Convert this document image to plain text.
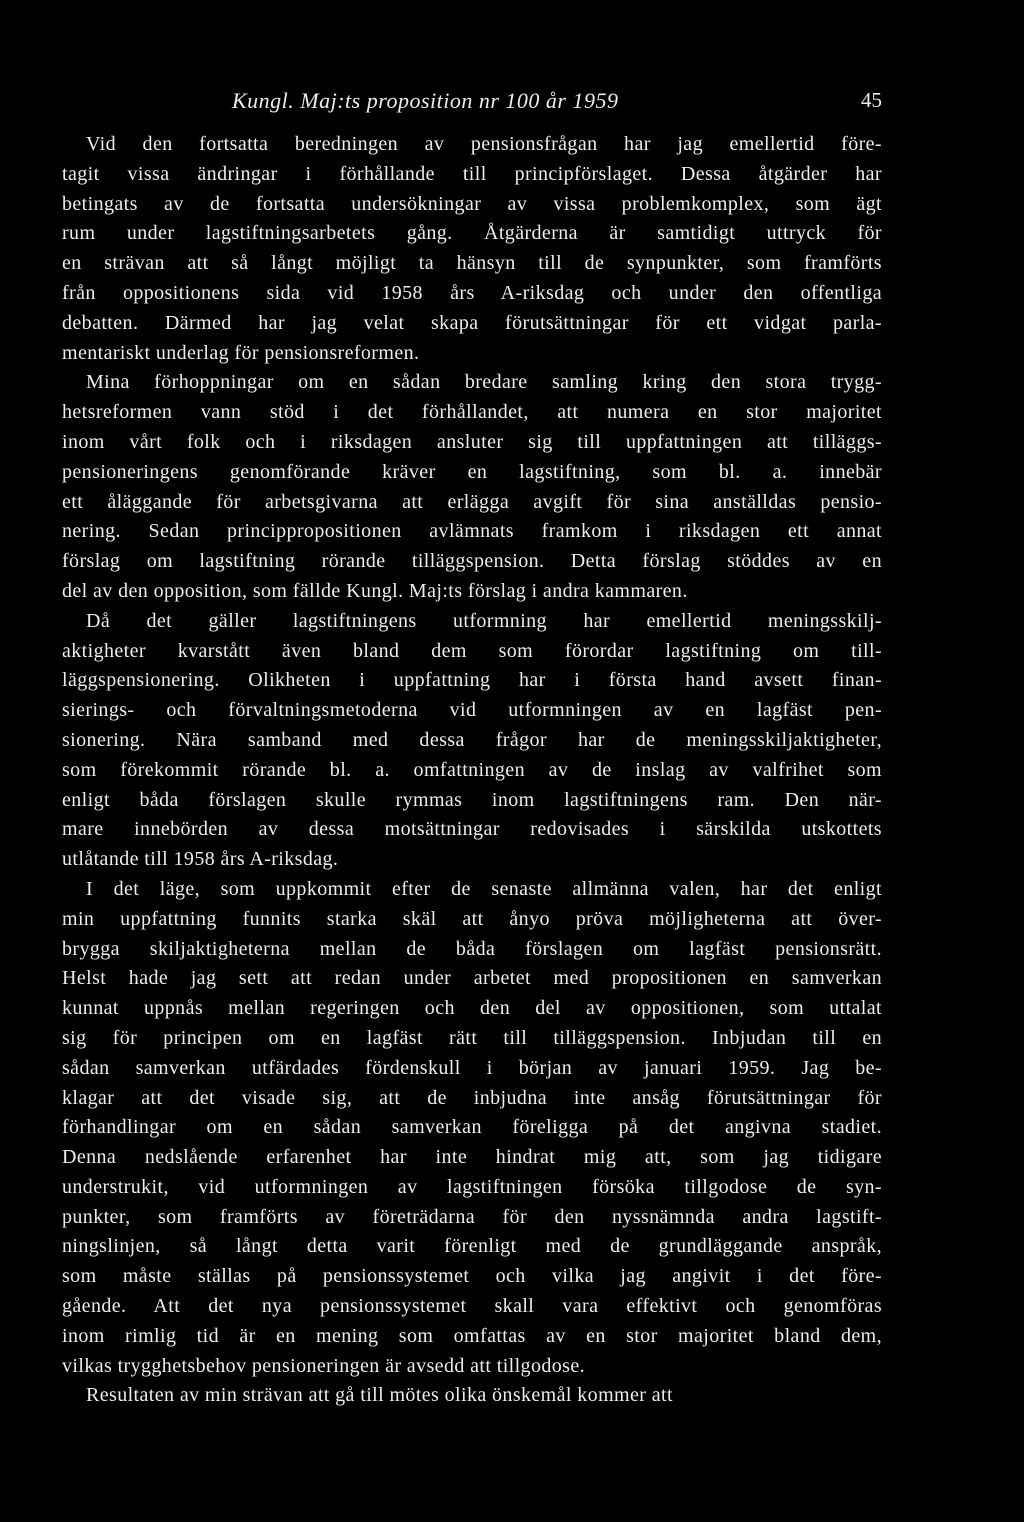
Kungl. Maj:ts proposition nr 100 år 1959	45
Vid den fortsatta beredningen av pensionsfrågan har jag emellertid före-
tagit vissa ändringar i förhållande till principförslaget. Dessa åtgärder har
betingats av de fortsatta undersökningar av vissa problemkomplex, som ägt
rum under lagstiftningsarbetets gång. Åtgärderna är samtidigt uttryck för
en strävan att så långt möjligt ta hänsyn till de synpunkter, som framförts
från oppositionens sida vid 1958 års A-riksdag och under den offentliga
debatten. Därmed har jag velat skapa förutsättningar för ett vidgat parla-
mentariskt underlag för pensionsreformen.
Mina förhoppningar om en sådan bredare samling kring den stora trygg-
hetsreformen vann stöd i det förhållandet, att numera en stor majoritet
inom vårt folk och i riksdagen ansluter sig till uppfattningen att tilläggs-
pensioneringens genomförande kräver en lagstiftning, som bl. a. innebär
ett åläggande för arbetsgivarna att erlägga avgift för sina anställdas pensio-
nering. Sedan princippropositionen avlämnats framkom i riksdagen ett annat
förslag om lagstiftning rörande tilläggspension. Detta förslag stöddes av en
del av den opposition, som fällde Kungl. Maj:ts förslag i andra kammaren.
Då det gäller lagstiftningens utformning har emellertid meningsskilj-
aktigheter kvarstått även bland dem som förordar lagstiftning om till-
läggspensionering. Olikheten i uppfattning har i första hand avsett finan-
sierings- och förvaltningsmetoderna vid utformningen av en lagfäst pen-
sionering. Nära samband med dessa frågor har de meningsskiljaktigheter,
som förekommit rörande bl. a. omfattningen av de inslag av valfrihet som
enligt båda förslagen skulle rymmas inom lagstiftningens ram. Den när-
mare innebörden av dessa motsättningar redovisades i särskilda utskottets
utlåtande till 1958 års A-riksdag.
I det läge, som uppkommit efter de senaste allmänna valen, har det enligt
min uppfattning funnits starka skäl att ånyo pröva möjligheterna att över-
brygga skiljaktigheterna mellan de båda förslagen om lagfäst pensionsrätt.
Helst hade jag sett att redan under arbetet med propositionen en samverkan
kunnat uppnås mellan regeringen och den del av oppositionen, som uttalat
sig för principen om en lagfäst rätt till tilläggspension. Inbjudan till en
sådan samverkan utfärdades fördenskull i början av januari 1959. Jag be-
klagar att det visade sig, att de inbjudna inte ansåg förutsättningar för
förhandlingar om en sådan samverkan föreligga på det angivna stadiet.
Denna nedslående erfarenhet har inte hindrat mig att, som jag tidigare
understrukit, vid utformningen av lagstiftningen försöka tillgodose de syn-
punkter, som framförts av företrädarna för den nyssnämnda andra lagstift-
ningslinjen, så långt detta varit förenligt med de grundläggande anspråk,
som måste ställas på pensionssystemet och vilka jag angivit i det före-
gående. Att det nya pensionssystemet skall vara effektivt och genomföras
inom rimlig tid är en mening som omfattas av en stor majoritet bland dem,
vilkas trygghetsbehov pensioneringen är avsedd att tillgodose.
Resultaten av min strävan att gå till mötes olika önskemål kommer att
